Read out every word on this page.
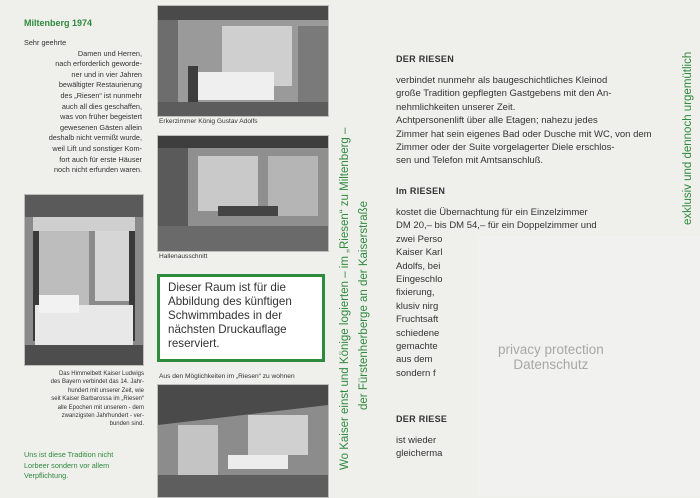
Miltenberg 1974

Sehr geehrte

Damen und Herren,

nach erforderlich geworde-

ner und in vier Jahren

bewältigter Restaurierung

des „Riesen“ ist nunmehr

auch all dies geschaffen,

was von früher begeistert

gewesenen Gästen allein

deshalb nicht vermißt wurde,

weil Lift und sonstiger Kom-

fort auch für erste Häuser

noch nicht erfunden waren.

Das Himmelbett Kaiser Ludwigs
des Bayern verbindet das 14. Jahr-
hundert mit unserer Zeit, wie
seit Kaiser Barbarossa im „Riesen“
alle Epochen mit unserem - dem
zwanzigsten Jahrhundert - ver-
bunden sind.
Uns ist diese Tradition nicht
Lorbeer sondern vor allem
Verpflichtung.
Erkerzimmer König Gustav Adolfs
Hallenausschnitt
Dieser Raum ist für die
Abbildung des künftigen
Schwimmbades in der
nächsten Druckauflage
reserviert.
Aus den Möglichkeiten im „Riesen“ zu wohnen	Wo Kaiser einst und Könige logierten – im „Riesen“ zu Miltenberg – der Fürstenherberge an der Kaiserstraße
exklusiv und dennoch urgemütlich
DER RIESEN
verbindet nunmehr als baugeschichtliches Kleinod
große Tradition gepflegten Gastgebens mit den An-
nehmlichkeiten unserer Zeit.
Achtpersonenlift über alle Etagen; nahezu jedes
Zimmer hat sein eigenes Bad oder Dusche mit WC, von dem
Zimmer oder der Suite vorgelagerter Diele erschlos-
sen und Telefon mit Amtsanschluß.
Im RIESEN
kostet die Übernachtung für ein Einzelzimmer
DM 20,– bis DM 54,– für ein Doppelzimmer und
zwei Perso
Kaiser Karl
Adolfs, bei
Eingeschlo
fixierung,
klusiv nirg
Fruchtsaft
schiedene
gemachte
aus dem
sondern f
DER RIESE
ist wieder
gleicherma
privacy protection
Datenschutz
